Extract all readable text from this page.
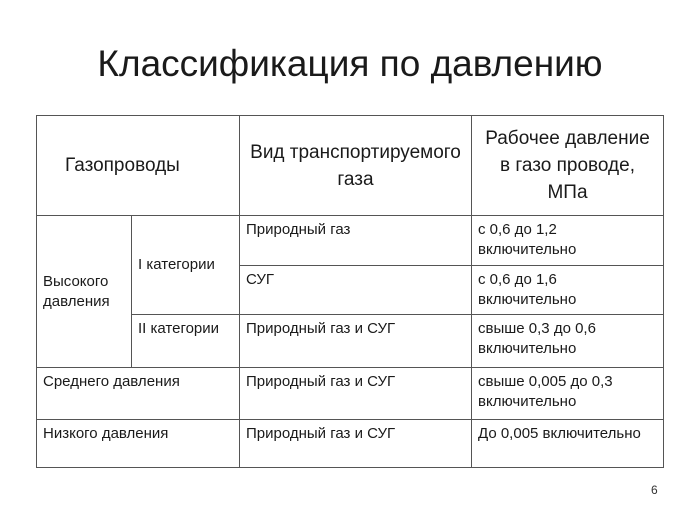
Классификация по давлению
Газопроводы		Вид транспортируемого газа	Рабочее давление в газо проводе, МПа
Высокого давления	I категории	Природный газ	с 0,6 до 1,2 включительно
		СУГ	с 0,6 до 1,6 включительно
	II категории	Природный газ и СУГ	свыше 0,3 до 0,6 включительно
Среднего давления		Природный газ и СУГ	свыше 0,005 до 0,3 включительно
Низкого давления		Природный газ и СУГ	До 0,005 включительно
6
